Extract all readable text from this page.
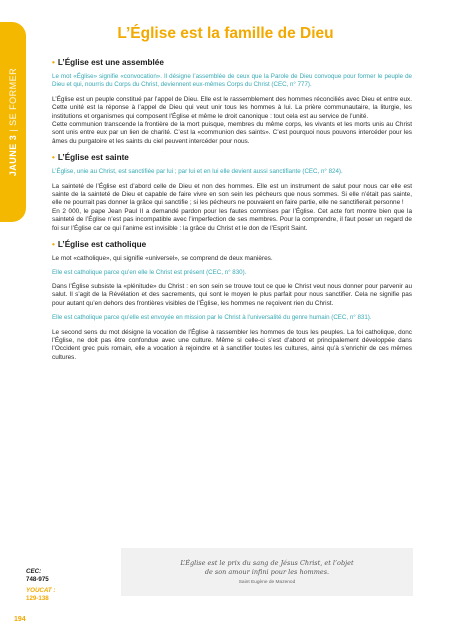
JAUNE 3 | SE FORMER
L’Église est la famille de Dieu
• L’Église est une assemblée

Le mot «Église» signifie «convocation». Il désigne l’assemblée de ceux que la Parole de Dieu convoque pour former le peuple de Dieu et qui, nourris du Corps du Christ, deviennent eux-mêmes Corps du Christ (CEC, n° 777).

L’Église est un peuple constitué par l’appel de Dieu. Elle est le rassemblement des hommes réconciliés avec Dieu et entre eux. Cette unité est la réponse à l’appel de Dieu qui veut unir tous les hommes à lui. La prière communautaire, la liturgie, les institutions et organismes qui composent l’Église et même le droit canonique : tout cela est au service de l’unité.

Cette communion transcende la frontière de la mort puisque, membres du même corps, les vivants et les morts unis au Christ sont unis entre eux par un lien de charité. C’est la «communion des saints». C’est pourquoi nous pouvons intercéder pour les âmes du purgatoire et les saints du ciel peuvent intercéder pour nous.

• L’Église est sainte

L’Église, unie au Christ, est sanctifiée par lui ; par lui et en lui elle devient aussi sanctifiante (CEC, n° 824).

La sainteté de l’Église est d’abord celle de Dieu et non des hommes. Elle est un instrument de salut pour nous car elle est sainte de la sainteté de Dieu et capable de faire vivre en son sein les pécheurs que nous sommes. Si elle n’était pas sainte, elle ne pourrait pas donner la grâce qui sanctifie ; si les pécheurs ne pouvaient en faire partie, elle ne sanctifierait personne !

En 2 000, le pape Jean Paul II a demandé pardon pour les fautes commises par l’Église. Cet acte fort montre bien que la sainteté de l’Église n’est pas incompatible avec l’imperfection de ses membres. Pour la comprendre, il faut poser un regard de foi sur l’Église car ce qui l’anime est invisible : la grâce du Christ et le don de l’Esprit Saint.

• L’Église est catholique

Le mot «catholique», qui signifie «universel», se comprend de deux manières.

Elle est catholique parce qu’en elle le Christ est présent (CEC, n° 830).

Dans l’Église subsiste la «plénitude» du Christ : en son sein se trouve tout ce que le Christ veut nous donner pour parvenir au salut. Il s’agit de la Révélation et des sacrements, qui sont le moyen le plus parfait pour nous sanctifier. Cela ne signifie pas pour autant qu’en dehors des frontières visibles de l’Église, les hommes ne reçoivent rien du Christ.

Elle est catholique parce qu’elle est envoyée en mission par le Christ à l’universalité du genre humain (CEC, n° 831).

Le second sens du mot désigne la vocation de l’Église à rassembler les hommes de tous les peuples. La foi catholique, donc l’Église, ne doit pas être confondue avec une culture. Même si celle-ci s’est d’abord et principalement développée dans l’Occident grec puis romain, elle a vocation à rejoindre et à sanctifier toutes les cultures, ainsi qu’à s’enrichir de ces mêmes cultures.

L’Église est le prix du sang de Jésus Christ, et l’objet
de son amour infini pour les hommes.
Saint Eugène de Mazenod
CEC:
748-975
YOUCAT :
129-138
194
